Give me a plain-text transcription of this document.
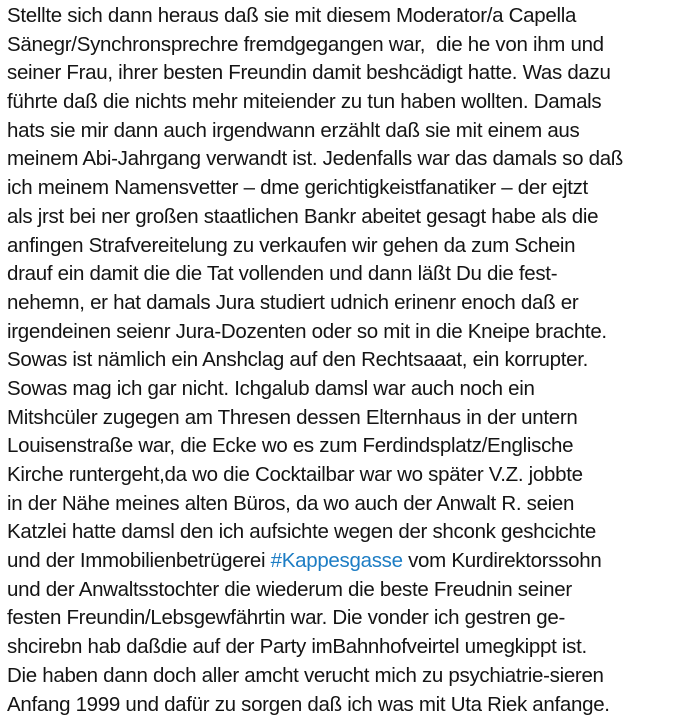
Stellte sich dann heraus daß sie mit diesem Moderator/a Capella
Sänegr/Synchronsprechre fremdgegangen war,  die he von ihm und
seiner Frau, ihrer besten Freundin damit beshcädigt hatte. Was dazu
führte daß die nichts mehr miteiender zu tun haben wollten. Damals
hats sie mir dann auch irgendwann erzählt daß sie mit einem aus
meinem Abi-Jahrgang verwandt ist. Jedenfalls war das damals so daß
ich meinem Namensvetter – dme gerichtigkeistfanatiker – der ejtzt
als jrst bei ner großen staatlichen Bankr abeitet gesagt habe als die
anfingen Strafvereitelung zu verkaufen wir gehen da zum Schein
drauf ein damit die die Tat vollenden und dann läßt Du die fest-
nehemn, er hat damals Jura studiert udnich erinenr enoch daß er
irgendeinen seienr Jura-Dozenten oder so mit in die Kneipe brachte.
Sowas ist nämlich ein Anshclag auf den Rechtsaaat, ein korrupter.
Sowas mag ich gar nicht. Ichgalub damsl war auch noch ein
Mitshcüler zugegen am Thresen dessen Elternhaus in der untern
Louisenstraße war, die Ecke wo es zum Ferdindsplatz/Englische
Kirche runtergeht,da wo die Cocktailbar war wo später V.Z. jobbte
in der Nähe meines alten Büros, da wo auch der Anwalt R. seien
Katzlei hatte damsl den ich aufsichte wegen der shconk geshcichte
und der Immobilienbetrügerei #Kappesgasse vom Kurdirektorssohn
und der Anwaltsstochter die wiederum die beste Freudnin seiner
festen Freundin/Lebsgewfährtin war. Die vonder ich gestren ge-
shcirebn hab daßdie auf der Party imBahnhofveirtel umegkippt ist.
Die haben dann doch aller amcht verucht mich zu psychiatrie-sieren
Anfang 1999 und dafür zu sorgen daß ich was mit Uta Riek anfange.
